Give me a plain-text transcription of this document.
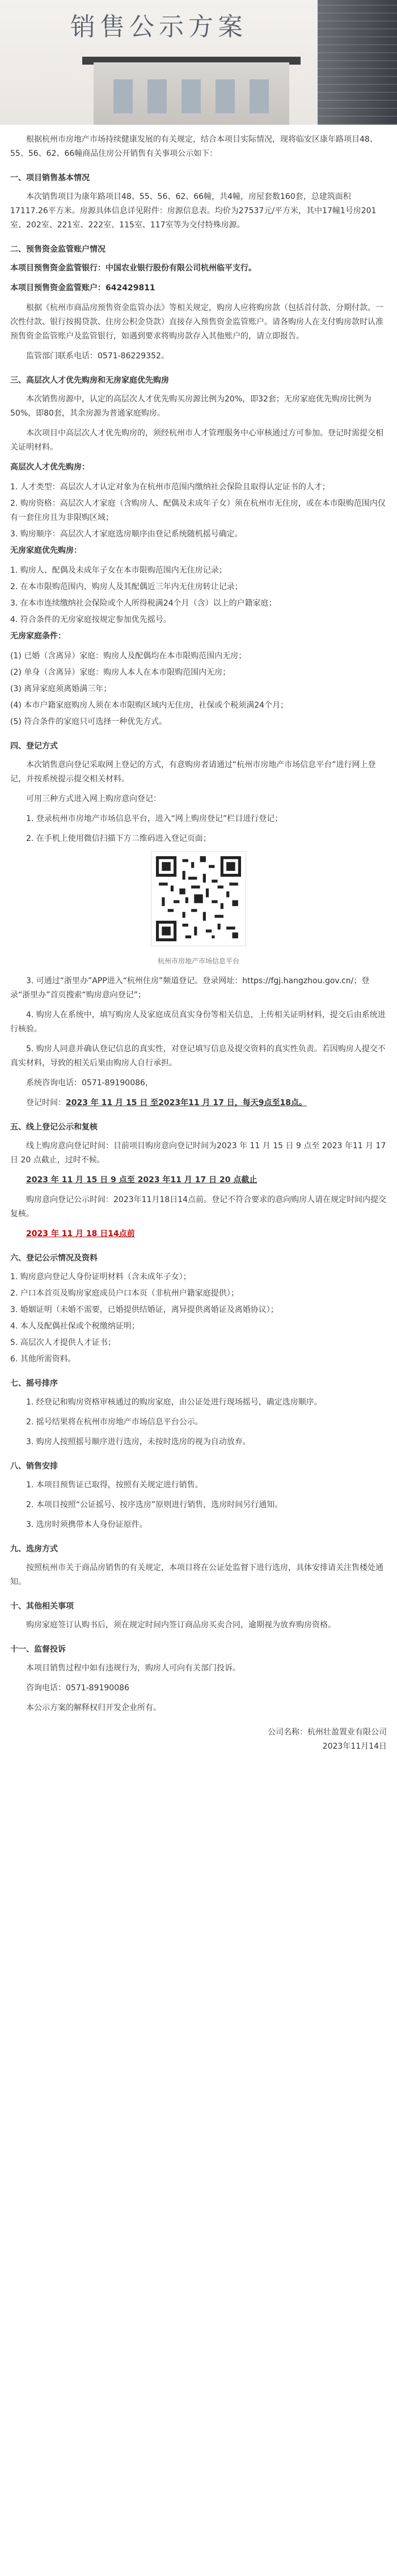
销售公示方案

根据杭州市房地产市场持续健康发展的有关规定，结合本项目实际情况，现将临安区康年路项目48、55、56、62、66幢商品住房公开销售有关事项公示如下：

一、项目销售基本情况

本次销售项目为康年路项目48、55、56、62、66幢，共4幢，房屋套数160套，总建筑面积17117.26平方米。房源具体信息详见附件：房源信息表。均价为27537元/平方米，其中17幢1号房201室、202室、221室、222室、115室、117室等为交付特殊房源。

二、预售资金监管账户情况

本项目预售资金监管银行：中国农业银行股份有限公司杭州临平支行。

本项目预售资金监管账户：642429811

根据《杭州市商品房预售资金监管办法》等相关规定，购房人应将购房款（包括首付款、分期付款、一次性付款、银行按揭贷款、住房公积金贷款）直接存入预售资金监管账户。请各购房人在支付购房款时认准预售资金监管账户及监管银行，如遇到要求将购房款存入其他账户的，请立即报告。

监管部门联系电话：0571-86229352。

三、高层次人才优先购房和无房家庭优先购房

本次销售房源中，认定的高层次人才优先购买房源比例为20%，即32套；无房家庭优先购房比例为50%，即80套，其余房源为普通家庭购房。

本次项目中高层次人才优先购房的，须经杭州市人才管理服务中心审核通过方可参加。登记时需提交相关证明材料。

高层次人才优先购房：

1. 人才类型：高层次人才认定对象为在杭州市范围内缴纳社会保险且取得认定证书的人才；
2. 购房资格：高层次人才家庭（含购房人、配偶及未成年子女）须在杭州市无住房，或在本市限购范围内仅有一套住房且为非限购区域；
3. 购房顺序：高层次人才家庭选房顺序由登记系统随机摇号确定。

无房家庭优先购房：

1. 购房人、配偶及未成年子女在本市限购范围内无住房记录；
2. 在本市限购范围内，购房人及其配偶近三年内无住房转让记录；
3. 在本市连续缴纳社会保险或个人所得税满24个月（含）以上的户籍家庭；
4. 符合条件的无房家庭按规定参加优先摇号。

无房家庭条件：

(1) 已婚（含离异）家庭：购房人及配偶均在本市限购范围内无房；
(2) 单身（含离异）家庭：购房人本人在本市限购范围内无房；
(3) 离异家庭须离婚满三年；
(4) 本市户籍家庭购房人须在本市限购区域内无住房，社保或个税须满24个月；
(5) 符合条件的家庭只可选择一种优先方式。
四、登记方式

本次销售意向登记采取网上登记的方式，有意购房者请通过“杭州市房地产市场信息平台”进行网上登记，并按系统提示提交相关材料。

可用三种方式进入网上购房意向登记：

1. 登录杭州市房地产市场信息平台，进入“网上购房登记”栏目进行登记；

2. 在手机上使用微信扫描下方二维码进入登记页面；

杭州市房地产市场信息平台

3. 可通过“浙里办”APP进入“杭州住房”频道登记。登录网址：https://fgj.hangzhou.gov.cn/；登录“浙里办”首页搜索“购房意向登记”；

4. 购房人在系统中，填写购房人及家庭成员真实身份等相关信息，上传相关证明材料，提交后由系统进行核验。

5. 购房人同意并确认登记信息的真实性，对登记填写信息及提交资料的真实性负责。若因购房人提交不真实材料，导致的相关后果由购房人自行承担。

系统咨询电话：0571-89190086，

登记时间：2023 年 11 月 15 日 至2023年11 月 17 日，每天9点至18点。

五、线上登记公示和复核

线上购房意向登记时间：目前项目购房意向登记时间为2023 年 11 月 15 日 9 点至 2023 年11 月 17 日 20 点截止，过时不候。

2023 年 11 月 15 日 9 点至 2023 年11 月 17 日 20 点截止

购房意向登记公示时间：2023年11月18日14点前。登记不符合要求的意向购房人请在规定时间内提交复核。

2023 年 11 月 18 日14点前

六、登记公示情况及资料
1. 购房意向登记人身份证明材料（含未成年子女）；
2. 户口本首页及购房家庭成员户口本页（非杭州户籍家庭提供）；
3. 婚姻证明（未婚不需要，已婚提供结婚证，离异提供离婚证及离婚协议）；
4. 本人及配偶社保或个税缴纳证明；
5. 高层次人才提供人才证书；
6. 其他所需资料。
七、摇号排序

1. 经登记和购房资格审核通过的购房家庭，由公证处进行现场摇号，确定选房顺序。

2. 摇号结果将在杭州市房地产市场信息平台公示。

3. 购房人按照摇号顺序进行选房，未按时选房的视为自动放弃。

八、销售安排

1. 本项目预售证已取得，按照有关规定进行销售。

2. 本项目按照“公证摇号、按序选房”原则进行销售，选房时间另行通知。

3. 选房时须携带本人身份证原件。

九、选房方式

按照杭州市关于商品房销售的有关规定，本项目将在公证处监督下进行选房，具体安排请关注售楼处通知。

十、其他相关事项

购房家庭签订认购书后，须在规定时间内签订商品房买卖合同，逾期视为放弃购房资格。

十一、监督投诉

本项目销售过程中如有违规行为，购房人可向有关部门投诉。

咨询电话：0571-89190086

本公示方案的解释权归开发企业所有。

公司名称：杭州壮盈置业有限公司
2023年11月14日
